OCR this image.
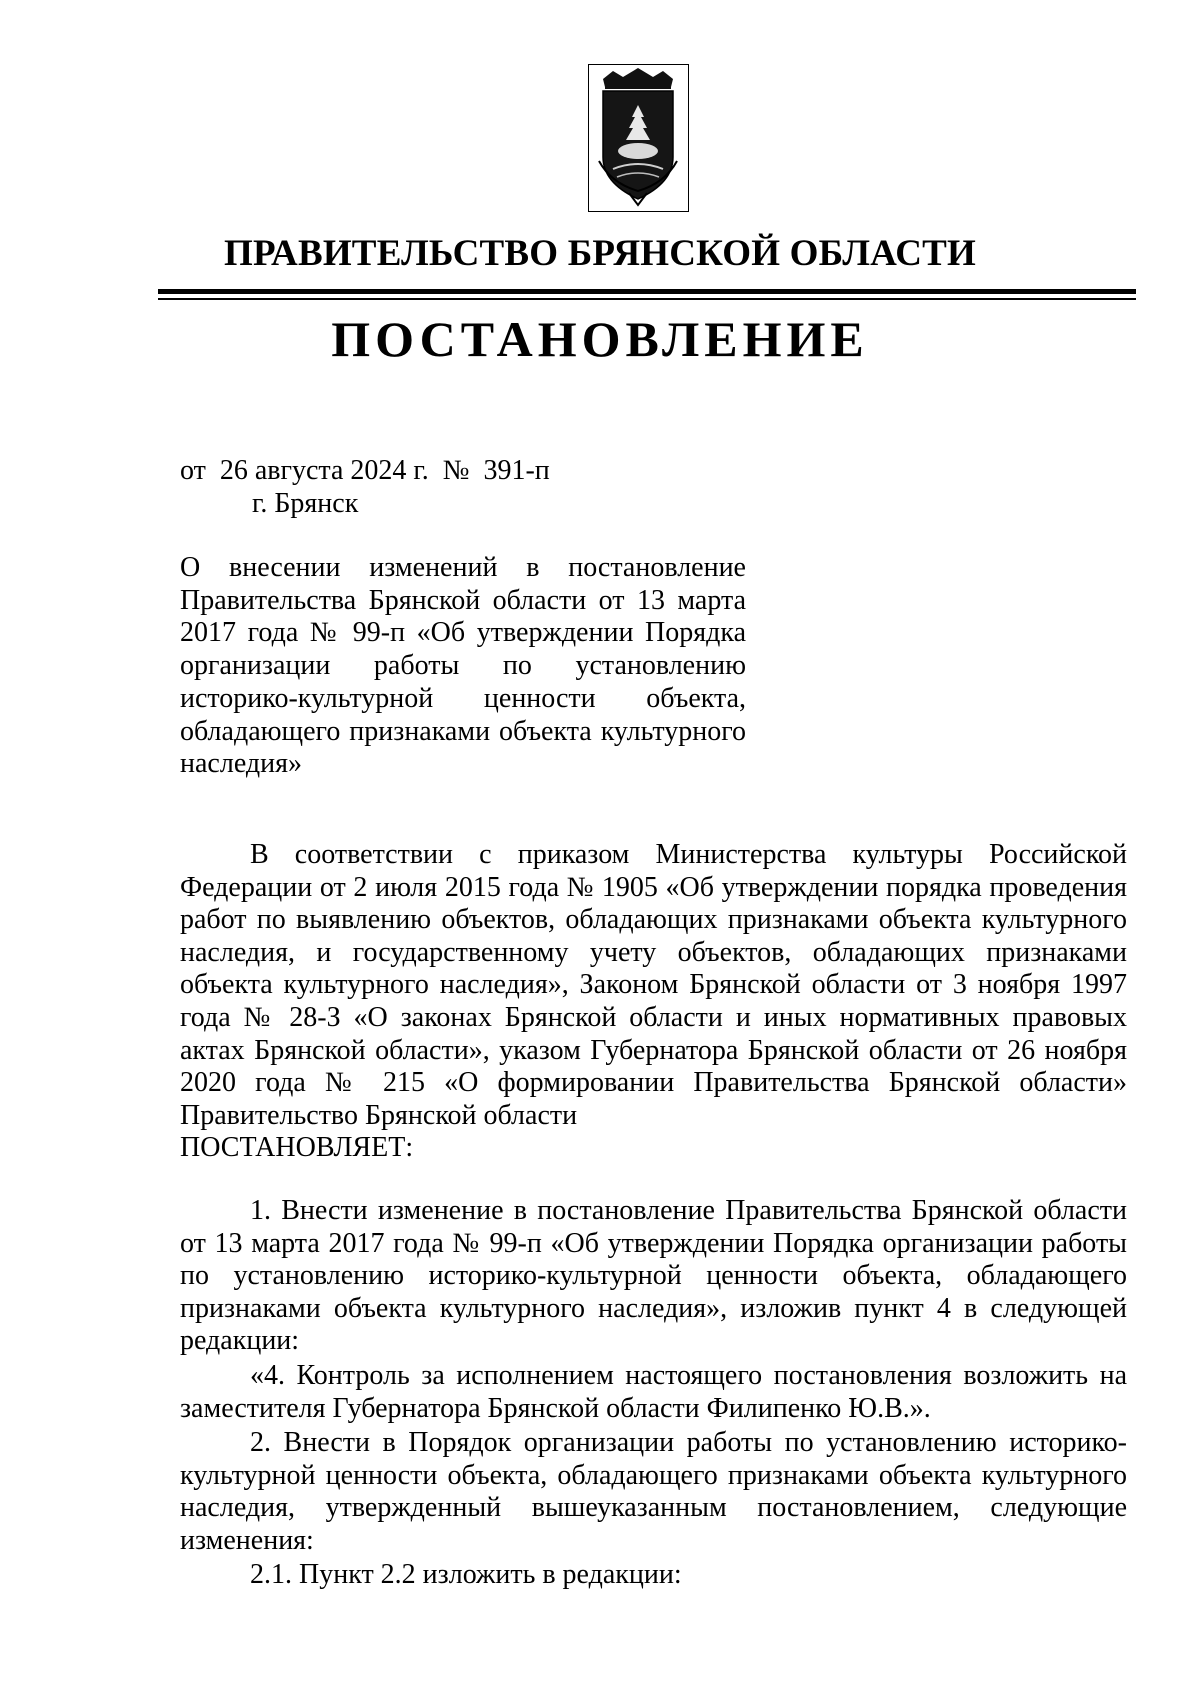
ПРАВИТЕЛЬСТВО БРЯНСКОЙ ОБЛАСТИ
ПОСТАНОВЛЕНИЕ
от  26 августа 2024 г.  №  391-п
г. Брянск
О внесении изменений в постановление Правительства Брянской области от 13 марта 2017 года № 99-п «Об утверждении Порядка организации работы по установлению историко-культурной ценности объекта, обладающего признаками объекта культурного наследия»

В соответствии с приказом Министерства культуры Российской Федерации от 2 июля 2015 года № 1905 «Об утверждении порядка проведения работ по выявлению объектов, обладающих признаками объекта культурного наследия, и государственному учету объектов, обладающих признаками объекта культурного наследия», Законом Брянской области от 3 ноября 1997 года № 28-З «О законах Брянской области и иных нормативных правовых актах Брянской области», указом Губернатора Брянской области от 26 ноября 2020 года № 215 «О формировании Правительства Брянской области» Правительство Брянской области

ПОСТАНОВЛЯЕТ:

1. Внести изменение в постановление Правительства Брянской области от 13 марта 2017 года № 99-п «Об утверждении Порядка организации работы по установлению историко-культурной ценности объекта, обладающего признаками объекта культурного наследия», изложив пункт 4 в следующей редакции:

«4. Контроль за исполнением настоящего постановления возложить на заместителя Губернатора Брянской области Филипенко Ю.В.».

2. Внести в Порядок организации работы по установлению историко-культурной ценности объекта, обладающего признаками объекта культурного наследия, утвержденный вышеуказанным постановлением, следующие изменения:

2.1. Пункт 2.2 изложить в редакции:
